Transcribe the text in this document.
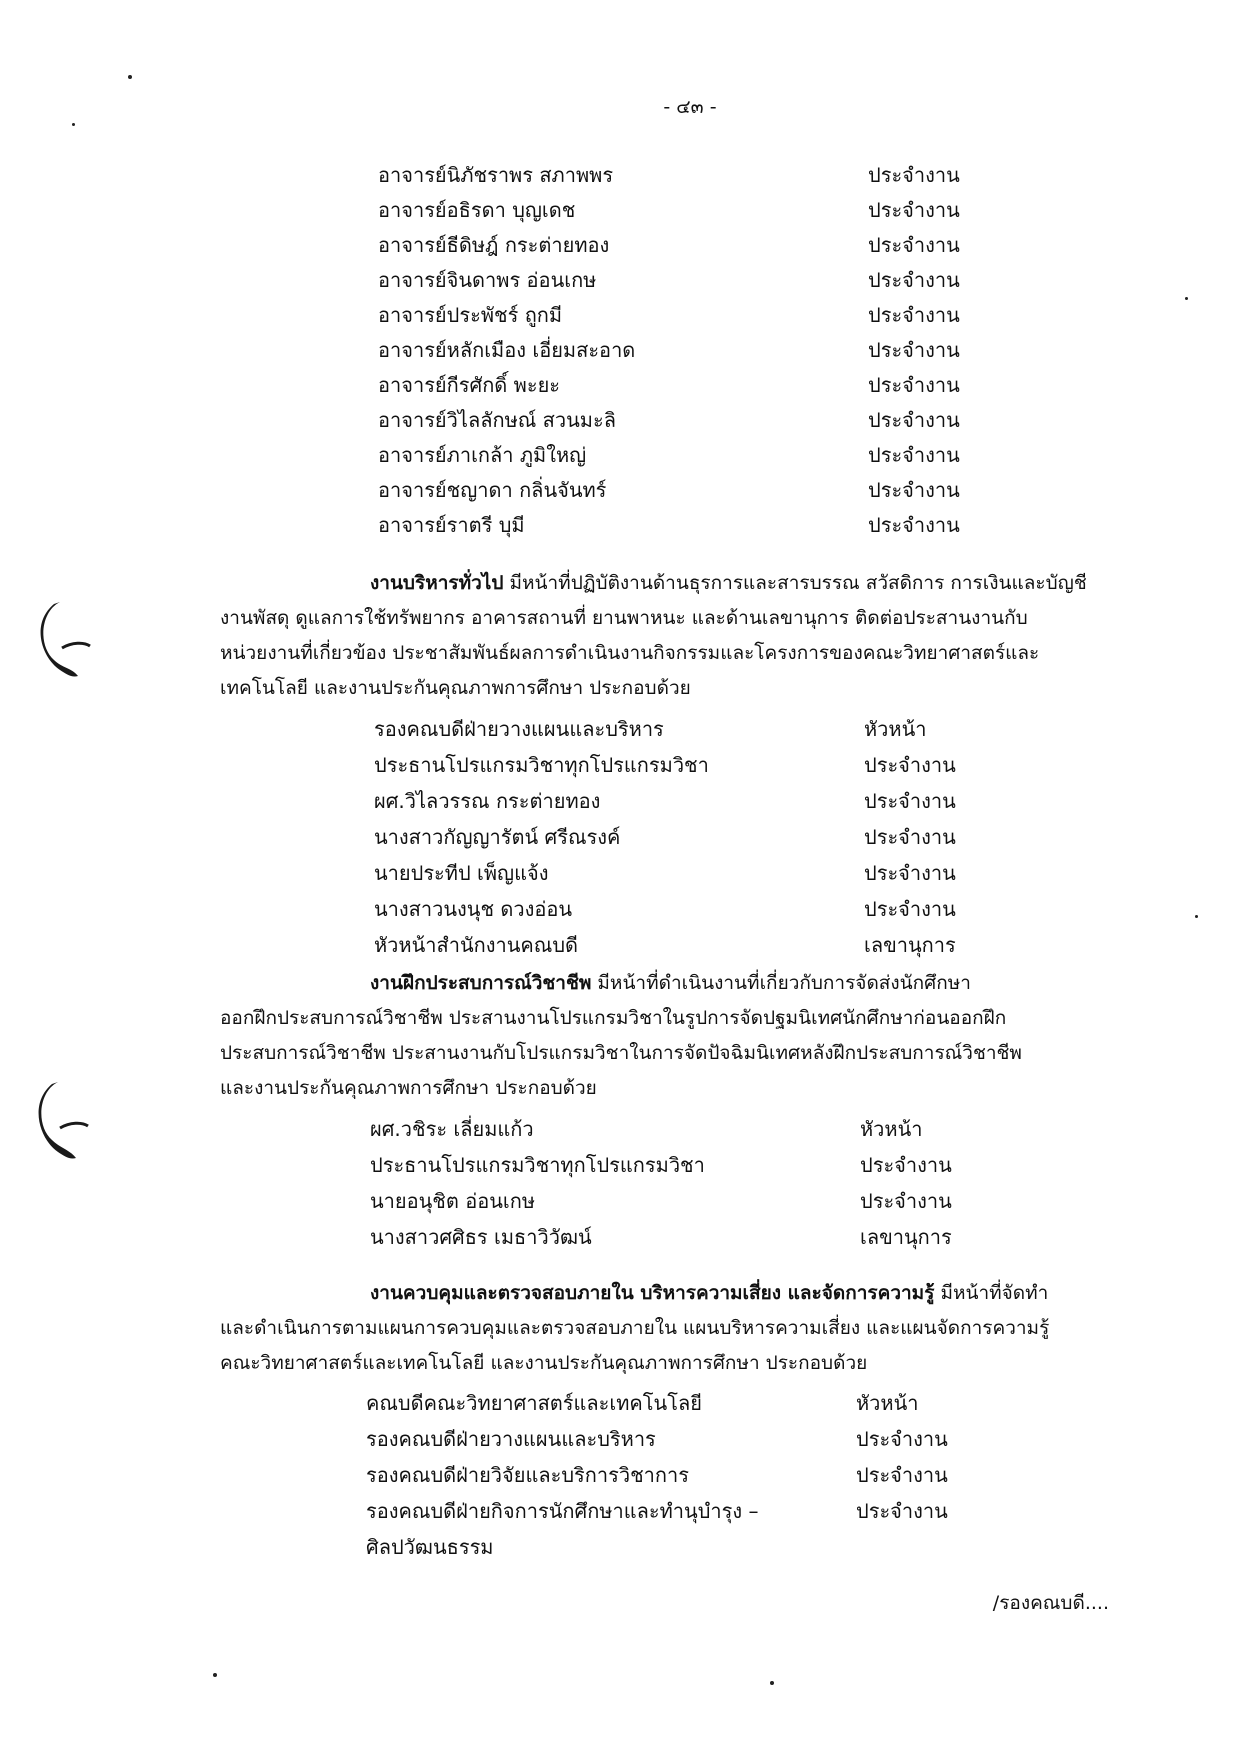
- ๔๓ -
อาจารย์นิภัชราพร สภาพพร	ประจำงาน
อาจารย์อธิรดา บุญเดช	ประจำงาน
อาจารย์ธีดิษฎ์ กระต่ายทอง	ประจำงาน
อาจารย์จินดาพร อ่อนเกษ	ประจำงาน
อาจารย์ประพัชร์ ถูกมี	ประจำงาน
อาจารย์หลักเมือง เอี่ยมสะอาด	ประจำงาน
อาจารย์กีรศักดิ์ พะยะ	ประจำงาน
อาจารย์วิไลลักษณ์ สวนมะลิ	ประจำงาน
อาจารย์ภาเกล้า ภูมิใหญ่	ประจำงาน
อาจารย์ชญาดา กลิ่นจันทร์	ประจำงาน
อาจารย์ราตรี บุมี	ประจำงาน
งานบริหารทั่วไป มีหน้าที่ปฏิบัติงานด้านธุรการและสารบรรณ สวัสดิการ การเงินและบัญชี
งานพัสดุ ดูแลการใช้ทรัพยากร อาคารสถานที่ ยานพาหนะ และด้านเลขานุการ ติดต่อประสานงานกับ
หน่วยงานที่เกี่ยวข้อง ประชาสัมพันธ์ผลการดำเนินงานกิจกรรมและโครงการของคณะวิทยาศาสตร์และ
เทคโนโลยี และงานประกันคุณภาพการศึกษา ประกอบด้วย
รองคณบดีฝ่ายวางแผนและบริหาร	หัวหน้า
ประธานโปรแกรมวิชาทุกโปรแกรมวิชา	ประจำงาน
ผศ.วิไลวรรณ กระต่ายทอง	ประจำงาน
นางสาวกัญญารัตน์ ศรีณรงค์	ประจำงาน
นายประทีป เพ็ญแจ้ง	ประจำงาน
นางสาวนงนุช ดวงอ่อน	ประจำงาน
หัวหน้าสำนักงานคณบดี	เลขานุการ
งานฝึกประสบการณ์วิชาชีพ มีหน้าที่ดำเนินงานที่เกี่ยวกับการจัดส่งนักศึกษา
ออกฝึกประสบการณ์วิชาชีพ ประสานงานโปรแกรมวิชาในรูปการจัดปฐมนิเทศนักศึกษาก่อนออกฝึก
ประสบการณ์วิชาชีพ ประสานงานกับโปรแกรมวิชาในการจัดปัจฉิมนิเทศหลังฝึกประสบการณ์วิชาชีพ
และงานประกันคุณภาพการศึกษา ประกอบด้วย
ผศ.วชิระ เลี่ยมแก้ว	หัวหน้า
ประธานโปรแกรมวิชาทุกโปรแกรมวิชา	ประจำงาน
นายอนุชิต อ่อนเกษ	ประจำงาน
นางสาวศศิธร เมธาวิวัฒน์	เลขานุการ
งานควบคุมและตรวจสอบภายใน บริหารความเสี่ยง และจัดการความรู้ มีหน้าที่จัดทำ
และดำเนินการตามแผนการควบคุมและตรวจสอบภายใน แผนบริหารความเสี่ยง และแผนจัดการความรู้
คณะวิทยาศาสตร์และเทคโนโลยี และงานประกันคุณภาพการศึกษา ประกอบด้วย
คณบดีคณะวิทยาศาสตร์และเทคโนโลยี	หัวหน้า
รองคณบดีฝ่ายวางแผนและบริหาร	ประจำงาน
รองคณบดีฝ่ายวิจัยและบริการวิชาการ	ประจำงาน
รองคณบดีฝ่ายกิจการนักศึกษาและทำนุบำรุง –	ประจำงาน
ศิลปวัฒนธรรม
/รองคณบดี....
